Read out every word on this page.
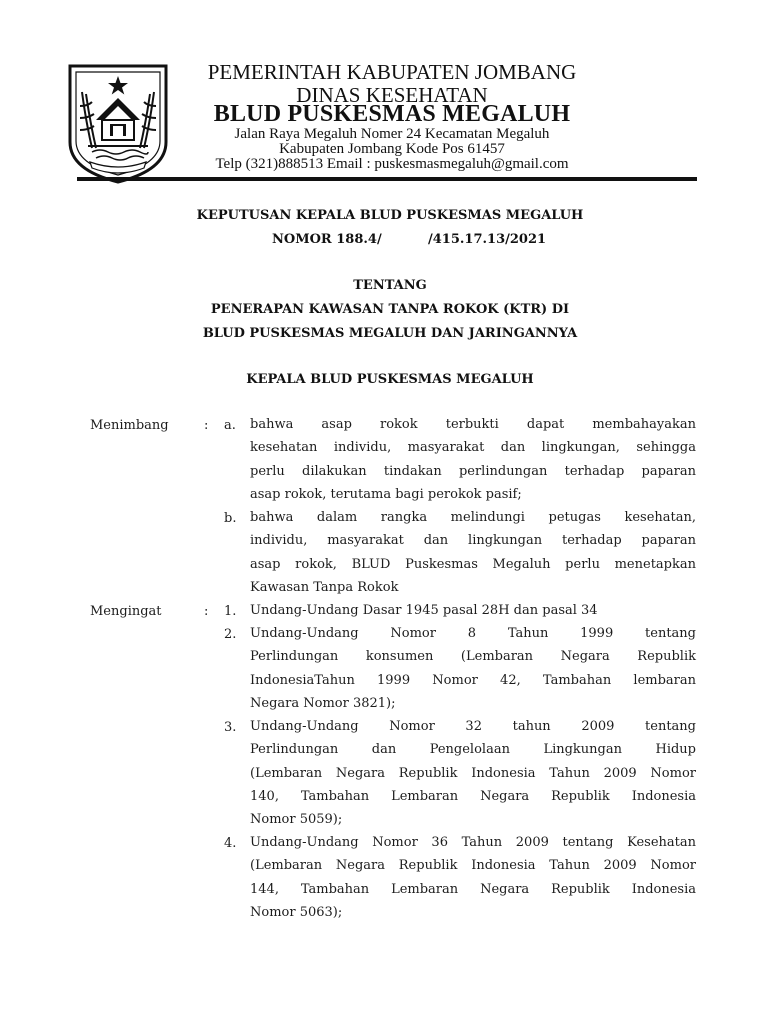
PEMERINTAH KABUPATEN JOMBANG
DINAS KESEHATAN
BLUD PUSKESMAS MEGALUH
Jalan Raya Megaluh Nomer 24 Kecamatan Megaluh
Kabupaten Jombang Kode Pos 61457
Telp (321)888513 Email : puskesmasmegaluh@gmail.com
KEPUTUSAN KEPALA BLUD PUSKESMAS MEGALUH
NOMOR 188.4/	/415.17.13/2021
TENTANG
PENERAPAN KAWASAN TANPA ROKOK (KTR) DI
BLUD PUSKESMAS MEGALUH DAN JARINGANNYA
KEPALA BLUD PUSKESMAS MEGALUH
Menimbang	: a. bahwa asap rokok terbukti dapat membahayakan
kesehatan individu, masyarakat dan lingkungan, sehingga
perlu dilakukan tindakan perlindungan terhadap paparan
asap rokok, terutama bagi perokok pasif;
b. bahwa dalam rangka melindungi petugas kesehatan,
individu, masyarakat dan lingkungan terhadap paparan
asap rokok, BLUD Puskesmas Megaluh perlu menetapkan
Kawasan Tanpa Rokok
Mengingat	: 1. Undang-Undang Dasar 1945 pasal 28H dan pasal 34
2. Undang-Undang Nomor 8 Tahun 1999 tentang
Perlindungan konsumen (Lembaran Negara Republik
IndonesiaTahun 1999 Nomor 42, Tambahan lembaran
Negara Nomor 3821);
3. Undang-Undang Nomor 32 tahun 2009 tentang
Perlindungan dan Pengelolaan Lingkungan Hidup
(Lembaran Negara Republik Indonesia Tahun 2009 Nomor
140, Tambahan Lembaran Negara Republik Indonesia
Nomor 5059);
4. Undang-Undang Nomor 36 Tahun 2009 tentang Kesehatan
(Lembaran Negara Republik Indonesia Tahun 2009 Nomor
144, Tambahan Lembaran Negara Republik Indonesia
Nomor 5063);
